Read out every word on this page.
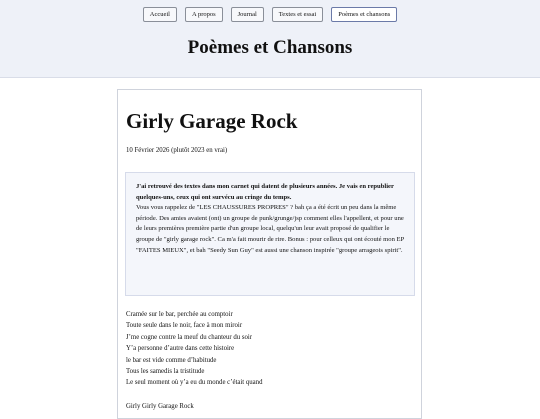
Accueil	A propos	Journal	Textes et essai	Poèmes et chansons
Poèmes et Chansons
Girly Garage Rock
10 Février 2026 (plutôt 2023 en vrai)
J'ai retrouvé des textes dans mon carnet qui datent de plusieurs années. Je vais en republier quelques-uns, ceux qui ont survécu au cringe du temps.
Vous vous rappelez de "LES CHAUSSURES PROPRES" ? bah ça a été écrit un peu dans la même période. Des amies avaient (ont) un groupe de punk/grunge/jsp comment elles l'appellent, et pour une de leurs premières première partie d'un groupe local, quelqu'un leur avait proposé de qualifier le groupe de "girly garage rock". Ca m'a fait mourir de rire. Bonus : pour celleux qui ont écouté mon EP "FAITES MIEUX", et bah "Seedy Sun Guy" est aussi une chanson inspirée "groupe arrageois spirit".
Cramée sur le bar, perchée au comptoir
Toute seule dans le noir, face à mon miroir
J’me cogne contre la meuf du chanteur du soir
Y’a personne d’autre dans cette histoire
le bar est vide comme d’habitude
Tous les samedis la tristitude
Le seul moment où y’a eu du monde c’était quand
Girly Girly Garage Rock
